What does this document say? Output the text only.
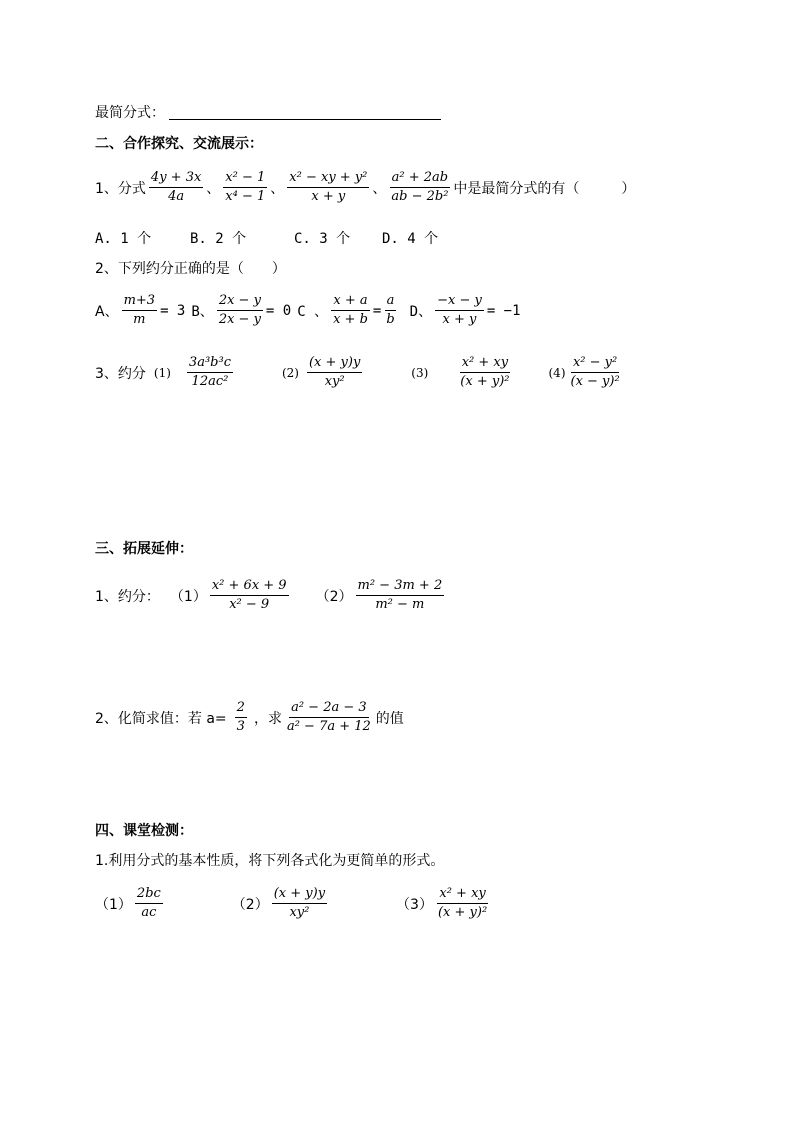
最简分式：
二、合作探究、交流展示：
1、分式 $\frac{4y + 3x}{4a}$ 、 $\frac{\text{x² − 1}}{\text{x⁴ − 1}}$ 、 $\frac{\text{x² − xy + y²}}{x + y}$ 、 $\frac{\text{a² + 2ab}}{\text{ab − 2b²}}$ 中是最简分式的有（　　　）
A. 1 个	B. 2 个	C. 3 个	D. 4 个
2、下列约分正确的是（　　）
A、 $\frac{m+3}{m} = 3$ B、 $\frac{2x - y}{2x - y} = 0$ C 、 $\frac{x + a}{x + b} = \frac{a}{b}$ D、 $\frac{-x - y}{x + y} = -1$
3、约分 $(1) \frac{\text{3a³b³c}}{\text{12ac²}}$	$(2) \frac{(x + y)y}{\text{xy²}}$	$(3) \frac{\text{x² + xy}}{\text{(x + y)²}}$	$(4) \frac{\text{x² − y²}}{\text{(x − y)²}}$
三、拓展延伸：
1、约分： $(1) \frac{\text{x² + 6x + 9}}{\text{x² − 9}} (2) \frac{\text{m² − 3m + 2}}{\text{m² − m}}$
2、化简求值：若 $a= \frac{2}{3}$ ，求 $\frac{\text{a² − 2a − 3}}{\text{a² − 7a + 12}}$ 的值
四、课堂检测：
1.利用分式的基本性质，将下列各式化为更简单的形式。
$(1) \frac{2bc}{ac}$	$(2) \frac{(x + y)y}{\text{xy²}}$	$(3) \frac{\text{x² + xy}}{\text{(x + y)²}}$
